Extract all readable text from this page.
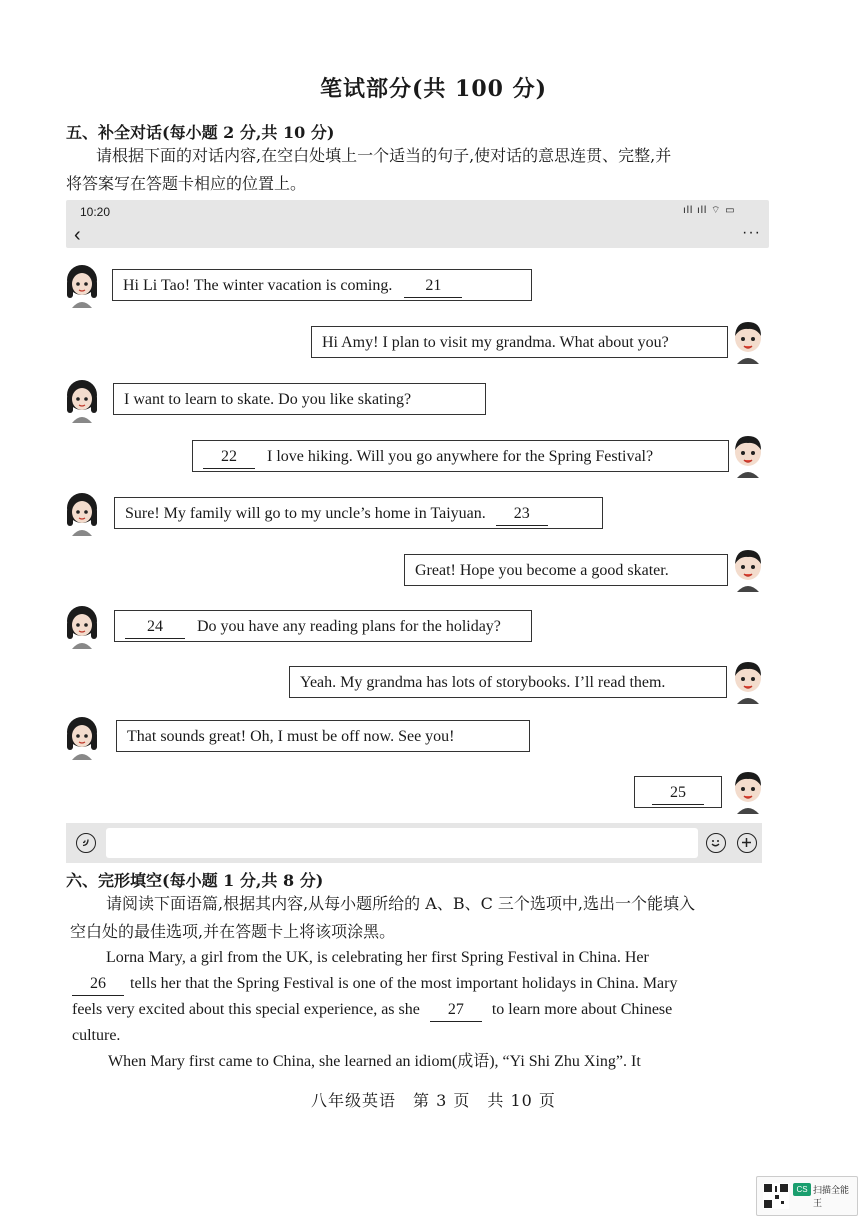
笔试部分(共 100 分)
五、补全对话(每小题 2 分,共 10 分)
请根据下面的对话内容,在空白处填上一个适当的句子,使对话的意思连贯、完整,并
将答案写在答题卡相应的位置上。
10:20	ıll ıll ⌔ ▭
‹	···
Hi Li Tao! The winter vacation is coming. 21
Hi Amy! I plan to visit my grandma. What about you?
I want to learn to skate. Do you like skating?
22 I love hiking. Will you go anywhere for the Spring Festival?
Sure! My family will go to my uncle’s home in Taiyuan. 23
Great! Hope you become a good skater.
24 Do you have any reading plans for the holiday?
Yeah. My grandma has lots of storybooks. I’ll read them.
That sounds great! Oh, I must be off now. See you!
25
六、完形填空(每小题 1 分,共 8 分)
请阅读下面语篇,根据其内容,从每小题所给的 A、B、C 三个选项中,选出一个能填入
空白处的最佳选项,并在答题卡上将该项涂黑。
Lorna Mary, a girl from the UK, is celebrating her first Spring Festival in China. Her
26 tells her that the Spring Festival is one of the most important holidays in China. Mary
feels very excited about this special experience, as she 27 to learn more about Chinese
culture.
When Mary first came to China, she learned an idiom(成语), “Yi Shi Zhu Xing”. It
八年级英语　第 3 页　共 10 页
CS 扫描全能王
